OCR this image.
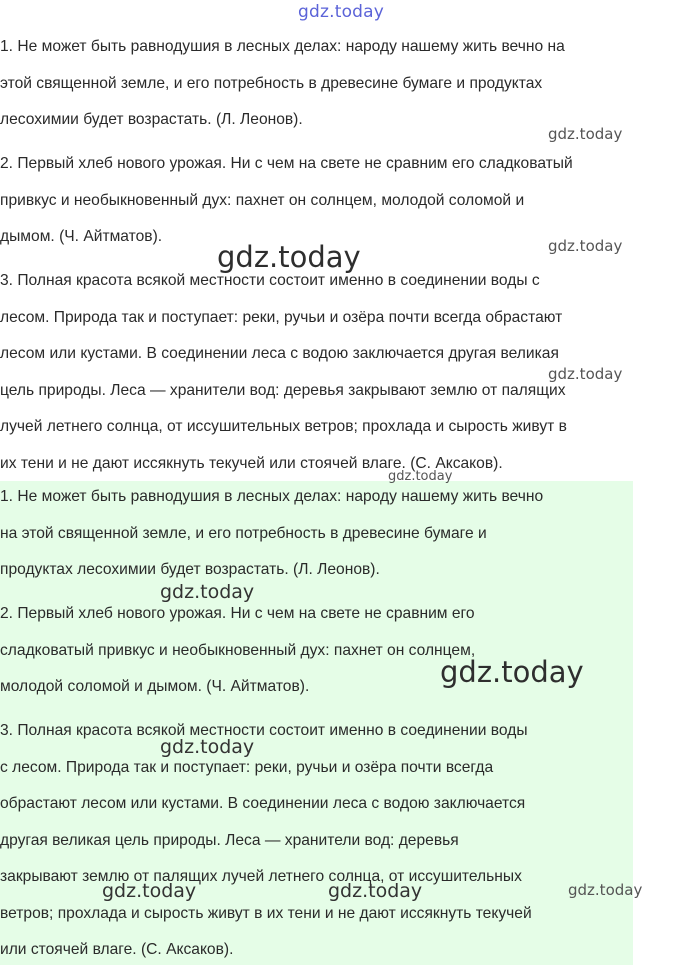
gdz.today

1. Не может быть равнодушия в лесных делах: народу нашему жить вечно на
этой священной земле, и его потребность в древесине бумаге и продуктах
лесохимии будет возрастать. (Л. Леонов).

2. Первый хлеб нового урожая. Ни с чем на свете не сравним его сладковатый
привкус и необыкновенный дух: пахнет он солнцем, молодой соломой и
дымом. (Ч. Айтматов).

3. Полная красота всякой местности состоит именно в соединении воды с
лесом. Природа так и поступает: реки, ручьи и озёра почти всегда обрастают
лесом или кустами. В соединении леса с водою заключается другая великая
цель природы. Леса — хранители вод: деревья закрывают землю от палящих
лучей летнего солнца, от иссушительных ветров; прохлада и сырость живут в
их тени и не дают иссякнуть текучей или стоячей влаге. (С. Аксаков).

1. Не может быть равнодушия в лесных делах: народу нашему жить вечно
на этой священной земле, и его потребность в древесине бумаге и
продуктах лесохимии будет возрастать. (Л. Леонов).

2. Первый хлеб нового урожая. Ни с чем на свете не сравним его
сладковатый привкус и необыкновенный дух: пахнет он солнцем,
молодой соломой и дымом. (Ч. Айтматов).

3. Полная красота всякой местности состоит именно в соединении воды
с лесом. Природа так и поступает: реки, ручьи и озёра почти всегда
обрастают лесом или кустами. В соединении леса с водою заключается
другая великая цель природы. Леса — хранители вод: деревья
закрывают землю от палящих лучей летнего солнца, от иссушительных
ветров; прохлада и сырость живут в их тени и не дают иссякнуть текучей
или стоячей влаге. (С. Аксаков).

gdz.today
gdz.today
gdz.today
gdz.today
gdz.today
gdz.today
gdz.today
gdz.today
gdz.today	gdz.today	gdz.today
